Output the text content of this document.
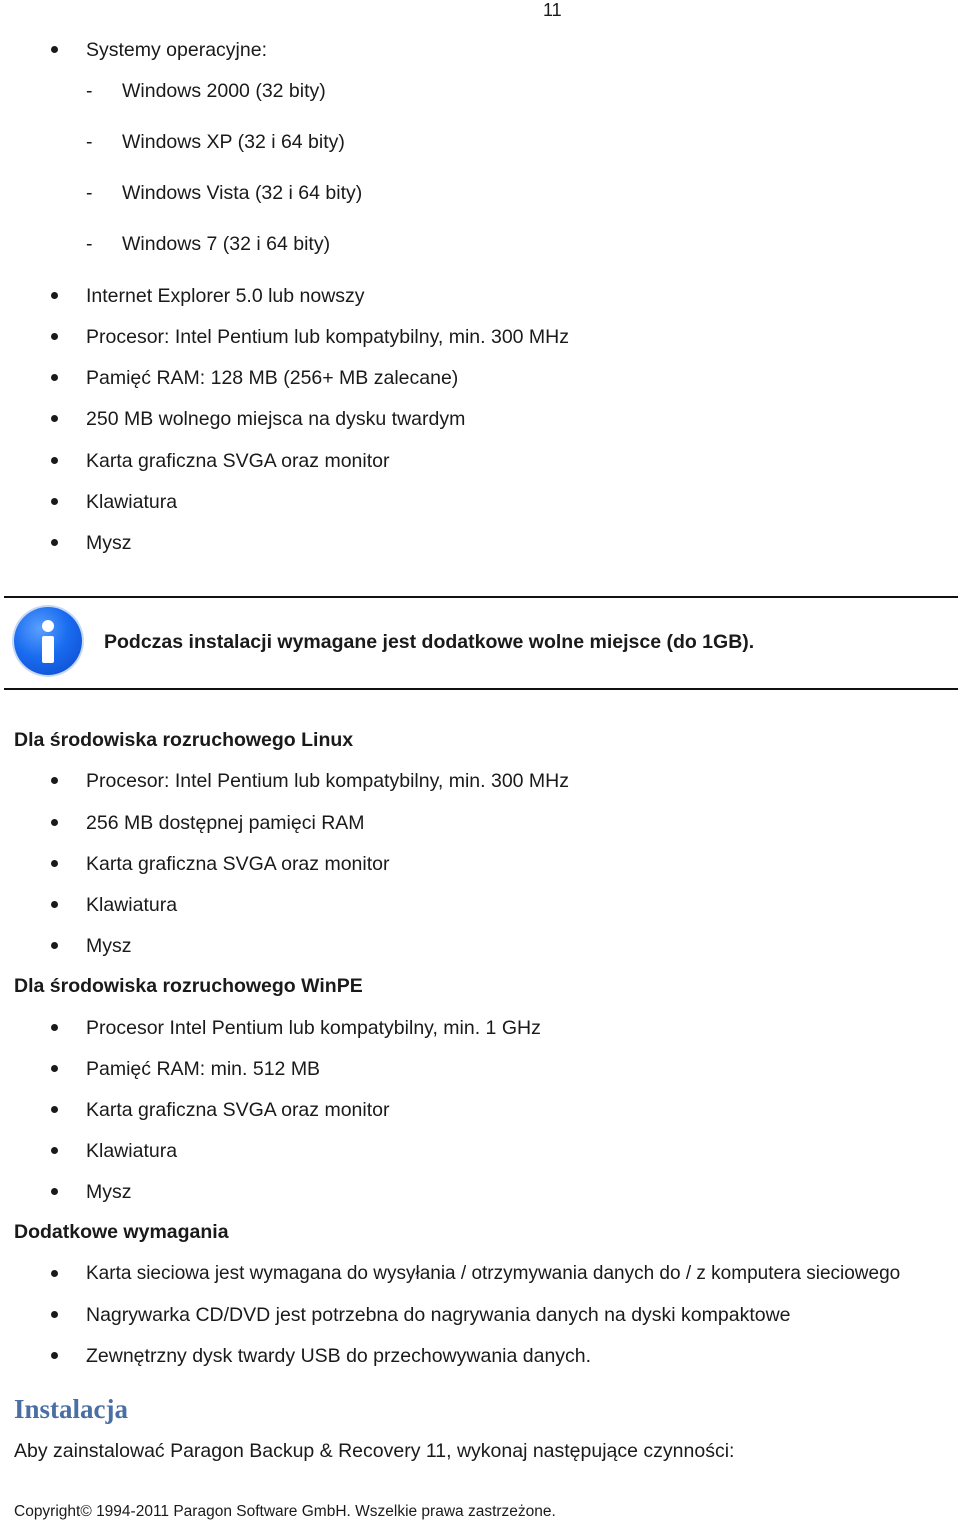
11
Systemy operacyjne:
- Windows 2000 (32 bity)
- Windows XP (32 i 64 bity)
- Windows Vista (32 i 64 bity)
- Windows 7 (32 i 64 bity)
Internet Explorer 5.0 lub nowszy
Procesor: Intel Pentium lub kompatybilny, min. 300 MHz
Pamięć RAM: 128 MB (256+ MB zalecane)
250 MB wolnego miejsca na dysku twardym
Karta graficzna SVGA oraz monitor
Klawiatura
Mysz
Podczas instalacji wymagane jest dodatkowe wolne miejsce (do 1GB).
Dla środowiska rozruchowego Linux
Procesor: Intel Pentium lub kompatybilny, min. 300 MHz
256 MB dostępnej pamięci RAM
Karta graficzna SVGA oraz monitor
Klawiatura
Mysz
Dla środowiska rozruchowego WinPE
Procesor Intel Pentium lub kompatybilny, min. 1 GHz
Pamięć RAM: min. 512 MB
Karta graficzna SVGA oraz monitor
Klawiatura
Mysz
Dodatkowe wymagania
Karta sieciowa jest wymagana do wysyłania / otrzymywania danych do / z komputera sieciowego
Nagrywarka CD/DVD jest potrzebna do nagrywania danych na dyski kompaktowe
Zewnętrzny dysk twardy USB do przechowywania danych.
Instalacja
Aby zainstalować Paragon Backup & Recovery 11, wykonaj następujące czynności:
Copyright© 1994-2011 Paragon Software GmbH. Wszelkie prawa zastrzeżone.
